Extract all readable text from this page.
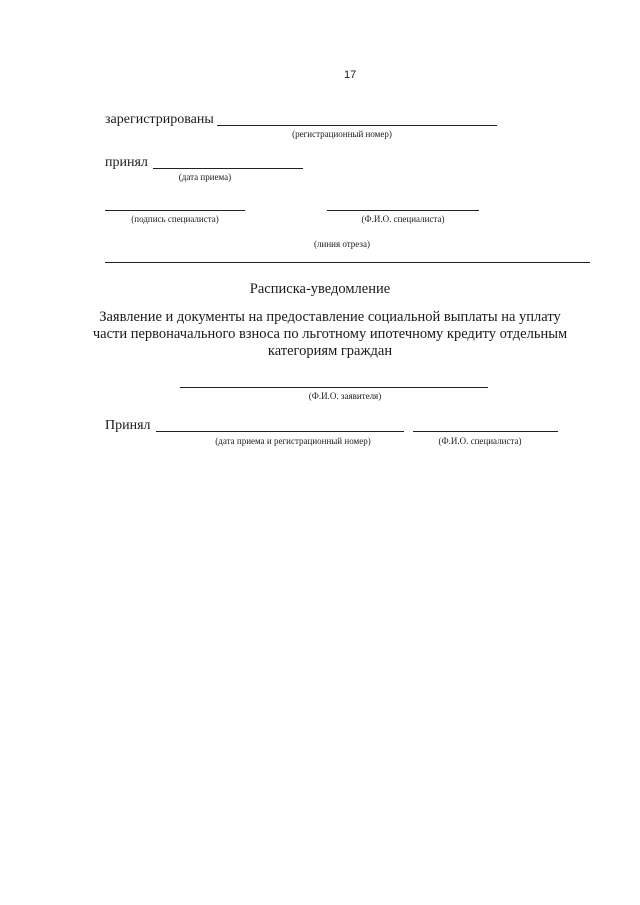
17
зарегистрированы
(регистрационный номер)
принял
(дата приема)
(подпись специалиста)	(Ф.И.О. специалиста)
(линия отреза)
Расписка-уведомление
Заявление и документы на предоставление социальной выплаты на уплату
части первоначального взноса по льготному ипотечному кредиту отдельным
категориям граждан
(Ф.И.О. заявителя)
Принял
(дата приема и регистрационный номер)	(Ф.И.О. специалиста)
